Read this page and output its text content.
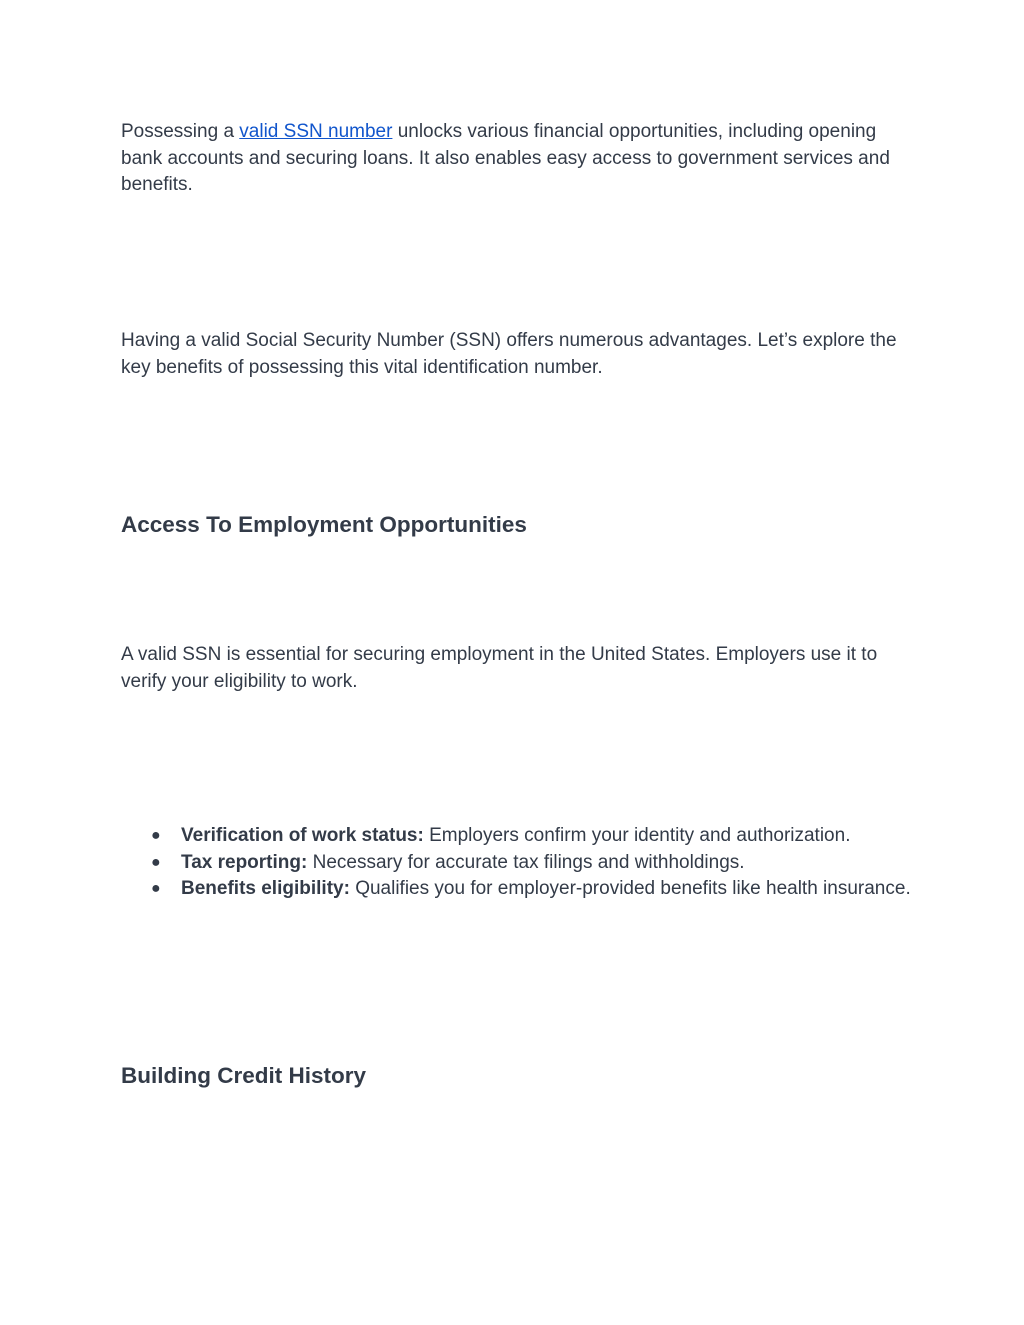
Possessing a valid SSN number unlocks various financial opportunities, including opening bank accounts and securing loans. It also enables easy access to government services and benefits.

Having a valid Social Security Number (SSN) offers numerous advantages. Let’s explore the key benefits of possessing this vital identification number.

Access To Employment Opportunities

A valid SSN is essential for securing employment in the United States. Employers use it to verify your eligibility to work.

● Verification of work status: Employers confirm your identity and authorization.
● Tax reporting: Necessary for accurate tax filings and withholdings.
● Benefits eligibility: Qualifies you for employer-provided benefits like health insurance.
Building Credit History
